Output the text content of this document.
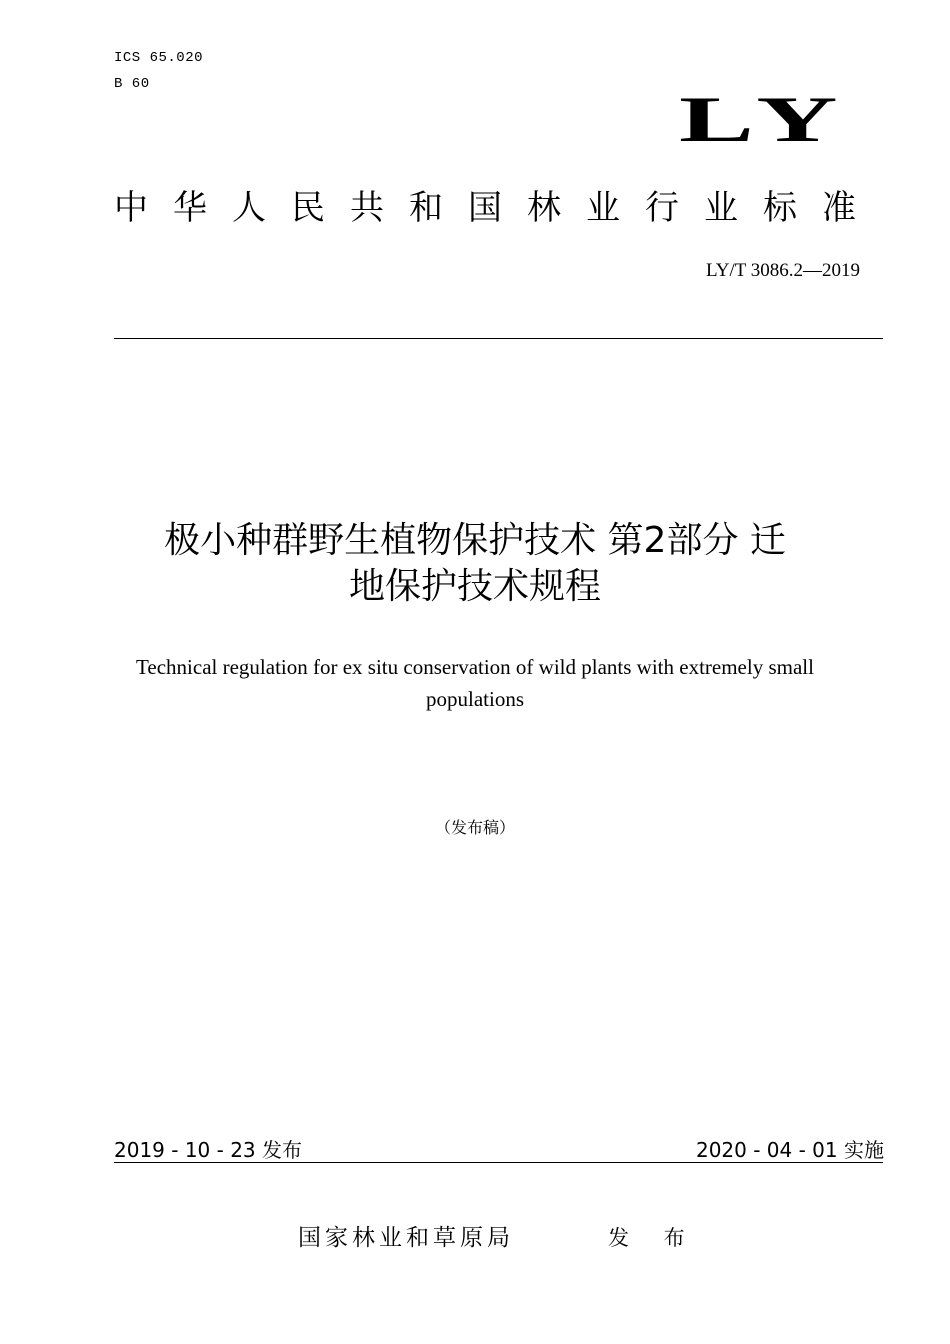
ICS 65.020
B 60	LY
中华人民共和国林业行业标准
LY/T 3086.2—2019
极小种群野生植物保护技术 第2部分 迁
地保护技术规程
Technical regulation for ex situ conservation of wild plants with extremely small
populations
（发布稿）
2019 - 10 - 23 发布	2020 - 04 - 01 实施
国家林业和草原局	发 布
